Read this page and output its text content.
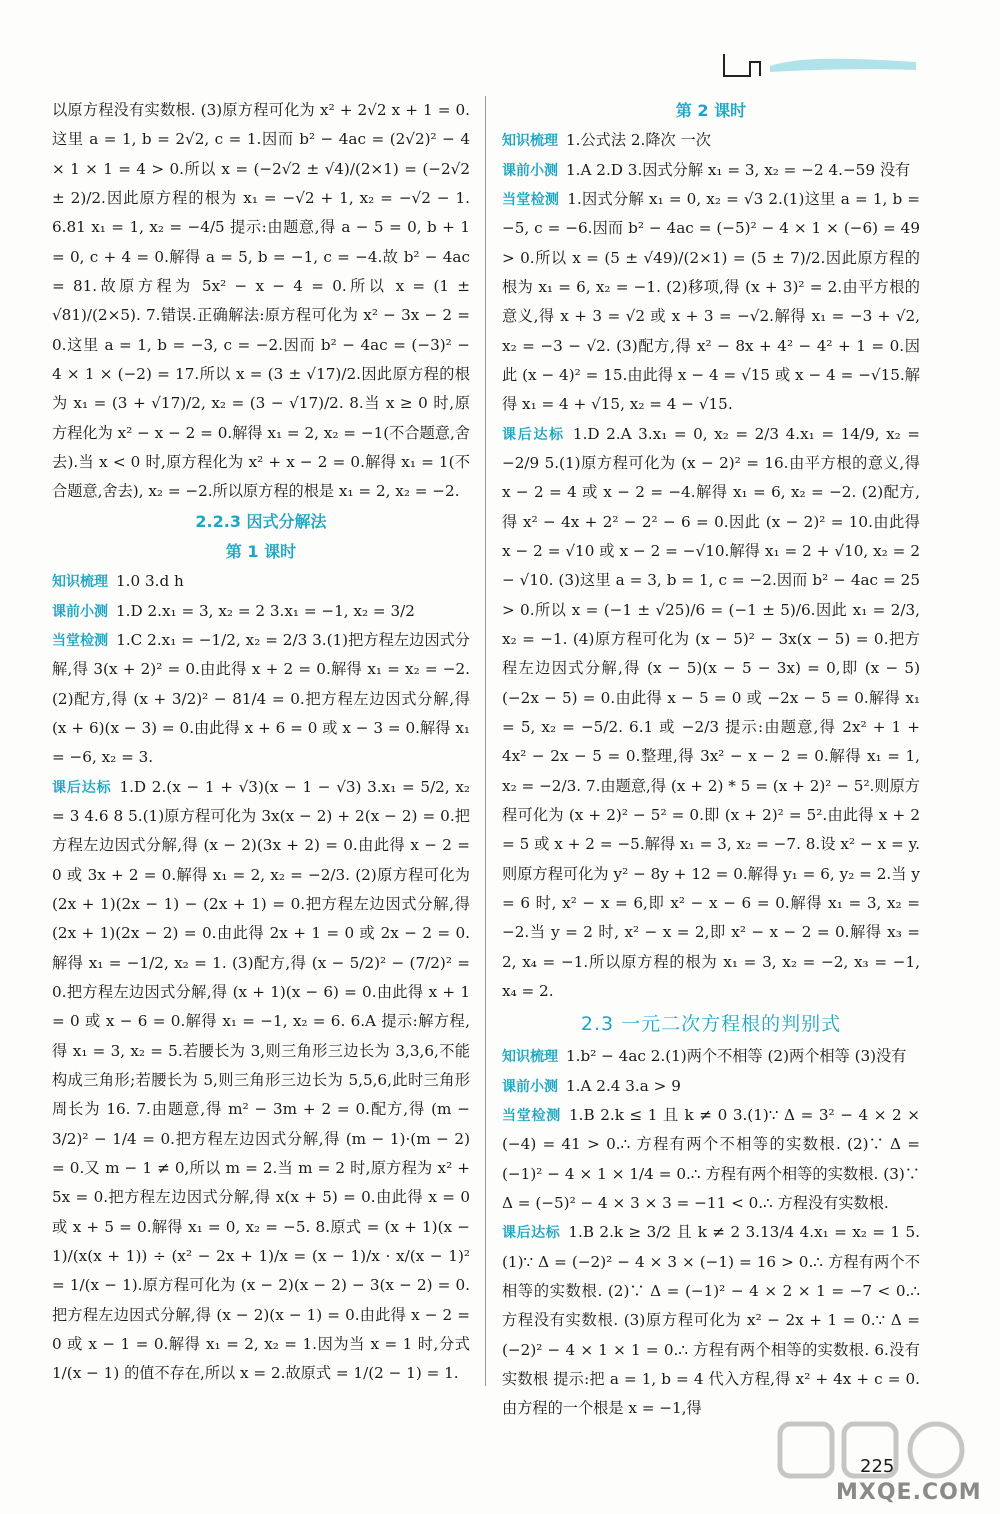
以原方程没有实数根. (3)原方程可化为 x² + 2√2 x + 1 = 0.这里 a = 1, b = 2√2, c = 1.因而 b² − 4ac = (2√2)² − 4 × 1 × 1 = 4 > 0.所以 x = (−2√2 ± √4)/(2×1) = (−2√2 ± 2)/2.因此原方程的根为 x₁ = −√2 + 1, x₂ = −√2 − 1. 6.81 x₁ = 1, x₂ = −4/5 提示:由题意,得 a − 5 = 0, b + 1 = 0, c + 4 = 0.解得 a = 5, b = −1, c = −4.故 b² − 4ac = 81.故原方程为 5x² − x − 4 = 0.所以 x = (1 ± √81)/(2×5). 7.错误.正确解法:原方程可化为 x² − 3x − 2 = 0.这里 a = 1, b = −3, c = −2.因而 b² − 4ac = (−3)² − 4 × 1 × (−2) = 17.所以 x = (3 ± √17)/2.因此原方程的根为 x₁ = (3 + √17)/2, x₂ = (3 − √17)/2. 8.当 x ≥ 0 时,原方程化为 x² − x − 2 = 0.解得 x₁ = 2, x₂ = −1(不合题意,舍去).当 x < 0 时,原方程化为 x² + x − 2 = 0.解得 x₁ = 1(不合题意,舍去), x₂ = −2.所以原方程的根是 x₁ = 2, x₂ = −2.

2.2.3 因式分解法
第 1 课时

知识梳理 1.0 3.d h

课前小测 1.D 2.x₁ = 3, x₂ = 2 3.x₁ = −1, x₂ = 3/2

当堂检测 1.C 2.x₁ = −1/2, x₂ = 2/3 3.(1)把方程左边因式分解,得 3(x + 2)² = 0.由此得 x + 2 = 0.解得 x₁ = x₂ = −2. (2)配方,得 (x + 3/2)² − 81/4 = 0.把方程左边因式分解,得 (x + 6)(x − 3) = 0.由此得 x + 6 = 0 或 x − 3 = 0.解得 x₁ = −6, x₂ = 3.

课后达标 1.D 2.(x − 1 + √3)(x − 1 − √3) 3.x₁ = 5/2, x₂ = 3 4.6 8 5.(1)原方程可化为 3x(x − 2) + 2(x − 2) = 0.把方程左边因式分解,得 (x − 2)(3x + 2) = 0.由此得 x − 2 = 0 或 3x + 2 = 0.解得 x₁ = 2, x₂ = −2/3. (2)原方程可化为 (2x + 1)(2x − 1) − (2x + 1) = 0.把方程左边因式分解,得 (2x + 1)(2x − 2) = 0.由此得 2x + 1 = 0 或 2x − 2 = 0.解得 x₁ = −1/2, x₂ = 1. (3)配方,得 (x − 5/2)² − (7/2)² = 0.把方程左边因式分解,得 (x + 1)(x − 6) = 0.由此得 x + 1 = 0 或 x − 6 = 0.解得 x₁ = −1, x₂ = 6. 6.A 提示:解方程,得 x₁ = 3, x₂ = 5.若腰长为 3,则三角形三边长为 3,3,6,不能构成三角形;若腰长为 5,则三角形三边长为 5,5,6,此时三角形周长为 16. 7.由题意,得 m² − 3m + 2 = 0.配方,得 (m − 3/2)² − 1/4 = 0.把方程左边因式分解,得 (m − 1)·(m − 2) = 0.又 m − 1 ≠ 0,所以 m = 2.当 m = 2 时,原方程为 x² + 5x = 0.把方程左边因式分解,得 x(x + 5) = 0.由此得 x = 0 或 x + 5 = 0.解得 x₁ = 0, x₂ = −5. 8.原式 = (x + 1)(x − 1)/(x(x + 1)) ÷ (x² − 2x + 1)/x = (x − 1)/x · x/(x − 1)² = 1/(x − 1).原方程可化为 (x − 2)(x − 2) − 3(x − 2) = 0.把方程左边因式分解,得 (x − 2)(x − 1) = 0.由此得 x − 2 = 0 或 x − 1 = 0.解得 x₁ = 2, x₂ = 1.因为当 x = 1 时,分式 1/(x − 1) 的值不存在,所以 x = 2.故原式 = 1/(2 − 1) = 1.

第 2 课时

知识梳理 1.公式法 2.降次 一次

课前小测 1.A 2.D 3.因式分解 x₁ = 3, x₂ = −2 4.−59 没有

当堂检测 1.因式分解 x₁ = 0, x₂ = √3 2.(1)这里 a = 1, b = −5, c = −6.因而 b² − 4ac = (−5)² − 4 × 1 × (−6) = 49 > 0.所以 x = (5 ± √49)/(2×1) = (5 ± 7)/2.因此原方程的根为 x₁ = 6, x₂ = −1. (2)移项,得 (x + 3)² = 2.由平方根的意义,得 x + 3 = √2 或 x + 3 = −√2.解得 x₁ = −3 + √2, x₂ = −3 − √2. (3)配方,得 x² − 8x + 4² − 4² + 1 = 0.因此 (x − 4)² = 15.由此得 x − 4 = √15 或 x − 4 = −√15.解得 x₁ = 4 + √15, x₂ = 4 − √15.

课后达标 1.D 2.A 3.x₁ = 0, x₂ = 2/3 4.x₁ = 14/9, x₂ = −2/9 5.(1)原方程可化为 (x − 2)² = 16.由平方根的意义,得 x − 2 = 4 或 x − 2 = −4.解得 x₁ = 6, x₂ = −2. (2)配方,得 x² − 4x + 2² − 2² − 6 = 0.因此 (x − 2)² = 10.由此得 x − 2 = √10 或 x − 2 = −√10.解得 x₁ = 2 + √10, x₂ = 2 − √10. (3)这里 a = 3, b = 1, c = −2.因而 b² − 4ac = 25 > 0.所以 x = (−1 ± √25)/6 = (−1 ± 5)/6.因此 x₁ = 2/3, x₂ = −1. (4)原方程可化为 (x − 5)² − 3x(x − 5) = 0.把方程左边因式分解,得 (x − 5)(x − 5 − 3x) = 0,即 (x − 5)(−2x − 5) = 0.由此得 x − 5 = 0 或 −2x − 5 = 0.解得 x₁ = 5, x₂ = −5/2. 6.1 或 −2/3 提示:由题意,得 2x² + 1 + 4x² − 2x − 5 = 0.整理,得 3x² − x − 2 = 0.解得 x₁ = 1, x₂ = −2/3. 7.由题意,得 (x + 2) * 5 = (x + 2)² − 5².则原方程可化为 (x + 2)² − 5² = 0.即 (x + 2)² = 5².由此得 x + 2 = 5 或 x + 2 = −5.解得 x₁ = 3, x₂ = −7. 8.设 x² − x = y.则原方程可化为 y² − 8y + 12 = 0.解得 y₁ = 6, y₂ = 2.当 y = 6 时, x² − x = 6,即 x² − x − 6 = 0.解得 x₁ = 3, x₂ = −2.当 y = 2 时, x² − x = 2,即 x² − x − 2 = 0.解得 x₃ = 2, x₄ = −1.所以原方程的根为 x₁ = 3, x₂ = −2, x₃ = −1, x₄ = 2.

2.3 一元二次方程根的判别式

知识梳理 1.b² − 4ac 2.(1)两个不相等 (2)两个相等 (3)没有

课前小测 1.A 2.4 3.a > 9

当堂检测 1.B 2.k ≤ 1 且 k ≠ 0 3.(1)∵ Δ = 3² − 4 × 2 × (−4) = 41 > 0.∴ 方程有两个不相等的实数根. (2)∵ Δ = (−1)² − 4 × 1 × 1/4 = 0.∴ 方程有两个相等的实数根. (3)∵ Δ = (−5)² − 4 × 3 × 3 = −11 < 0.∴ 方程没有实数根.

课后达标 1.B 2.k ≥ 3/2 且 k ≠ 2 3.13/4 4.x₁ = x₂ = 1 5.(1)∵ Δ = (−2)² − 4 × 3 × (−1) = 16 > 0.∴ 方程有两个不相等的实数根. (2)∵ Δ = (−1)² − 4 × 2 × 1 = −7 < 0.∴ 方程没有实数根. (3)原方程可化为 x² − 2x + 1 = 0.∵ Δ = (−2)² − 4 × 1 × 1 = 0.∴ 方程有两个相等的实数根. 6.没有实数根 提示:把 a = 1, b = 4 代入方程,得 x² + 4x + c = 0.由方程的一个根是 x = −1,得

MXQE.COM
225
